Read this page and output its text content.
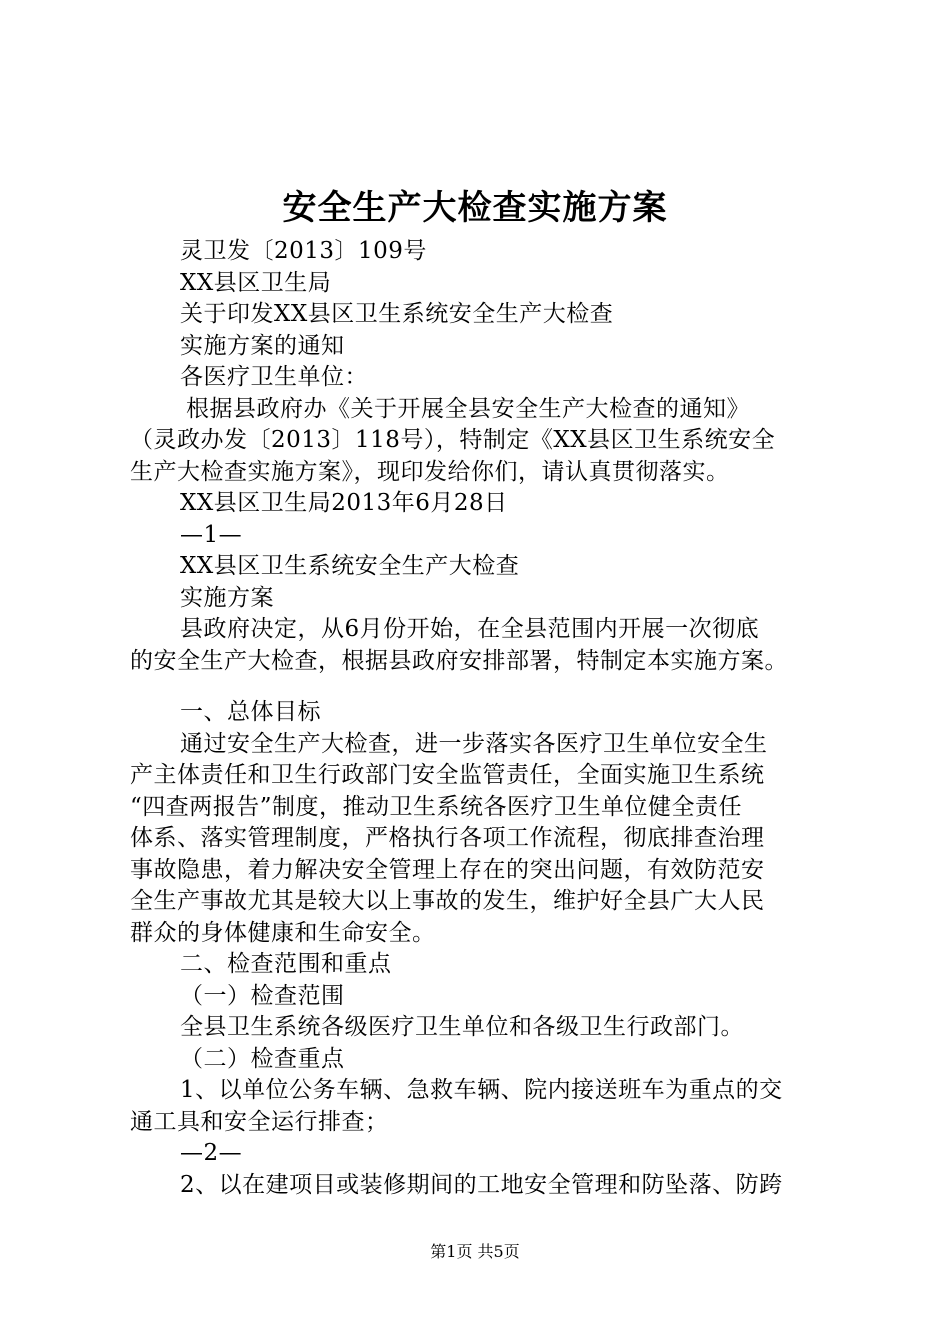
安全生产大检查实施方案
灵卫发〔2013〕109号
XX县区卫生局
关于印发XX县区卫生系统安全生产大检查
实施方案的通知
各医疗卫生单位：
根据县政府办《关于开展全县安全生产大检查的通知》
（灵政办发〔2013〕118号），特制定《XX县区卫生系统安全
生产大检查实施方案》，现印发给你们，请认真贯彻落实。
XX县区卫生局2013年6月28日
—1—
XX县区卫生系统安全生产大检查
实施方案
县政府决定，从6月份开始，在全县范围内开展一次彻底
的安全生产大检查，根据县政府安排部署，特制定本实施方案。
一、总体目标
通过安全生产大检查，进一步落实各医疗卫生单位安全生
产主体责任和卫生行政部门安全监管责任，全面实施卫生系统
“四查两报告”制度，推动卫生系统各医疗卫生单位健全责任
体系、落实管理制度，严格执行各项工作流程，彻底排查治理
事故隐患，着力解决安全管理上存在的突出问题，有效防范安
全生产事故尤其是较大以上事故的发生，维护好全县广大人民
群众的身体健康和生命安全。
二、检查范围和重点
（一）检查范围
全县卫生系统各级医疗卫生单位和各级卫生行政部门。
（二）检查重点
1、以单位公务车辆、急救车辆、院内接送班车为重点的交
通工具和安全运行排查；
—2—
2、以在建项目或装修期间的工地安全管理和防坠落、防跨
第1页 共5页
